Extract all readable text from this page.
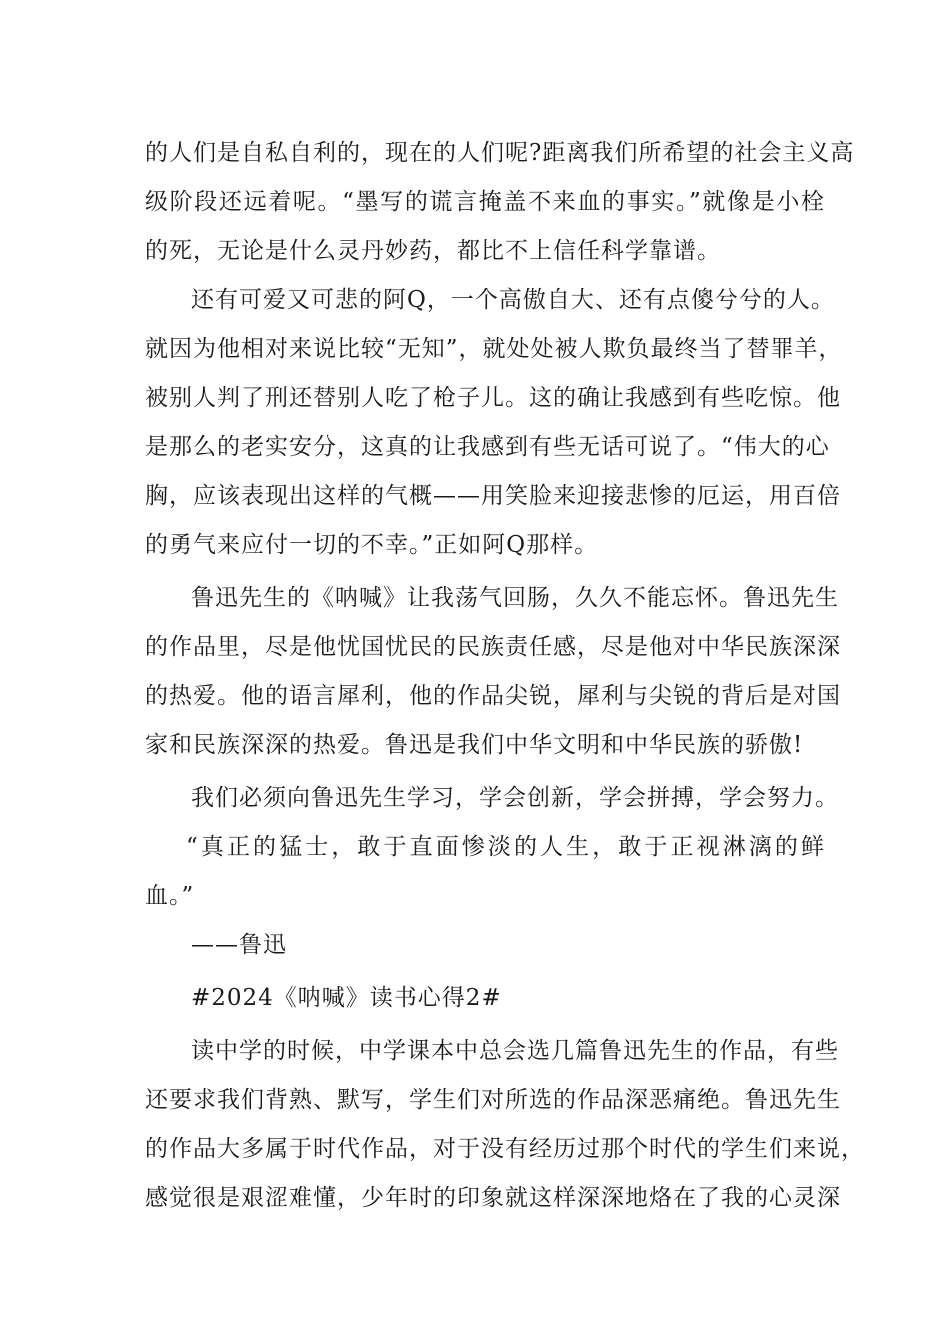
的人们是自私自利的，现在的人们呢?距离我们所希望的社会主义高
级阶段还远着呢。“墨写的谎言掩盖不来血的事实。”就像是小栓
的死，无论是什么灵丹妙药，都比不上信任科学靠谱。
还有可爱又可悲的阿Q，一个高傲自大、还有点傻兮兮的人。
就因为他相对来说比较“无知”，就处处被人欺负最终当了替罪羊，
被别人判了刑还替别人吃了枪子儿。这的确让我感到有些吃惊。他
是那么的老实安分，这真的让我感到有些无话可说了。“伟大的心
胸，应该表现出这样的气概——用笑脸来迎接悲惨的厄运，用百倍
的勇气来应付一切的不幸。”正如阿Q那样。
鲁迅先生的《呐喊》让我荡气回肠，久久不能忘怀。鲁迅先生
的作品里，尽是他忧国忧民的民族责任感，尽是他对中华民族深深
的热爱。他的语言犀利，他的作品尖锐，犀利与尖锐的背后是对国
家和民族深深的热爱。鲁迅是我们中华文明和中华民族的骄傲!
我们必须向鲁迅先生学习，学会创新，学会拼搏，学会努力。
“真正的猛士，敢于直面惨淡的人生，敢于正视淋漓的鲜
血。”
——鲁迅
#2024《呐喊》读书心得2#
读中学的时候，中学课本中总会选几篇鲁迅先生的作品，有些
还要求我们背熟、默写，学生们对所选的作品深恶痛绝。鲁迅先生
的作品大多属于时代作品，对于没有经历过那个时代的学生们来说，
感觉很是艰涩难懂，少年时的印象就这样深深地烙在了我的心灵深
